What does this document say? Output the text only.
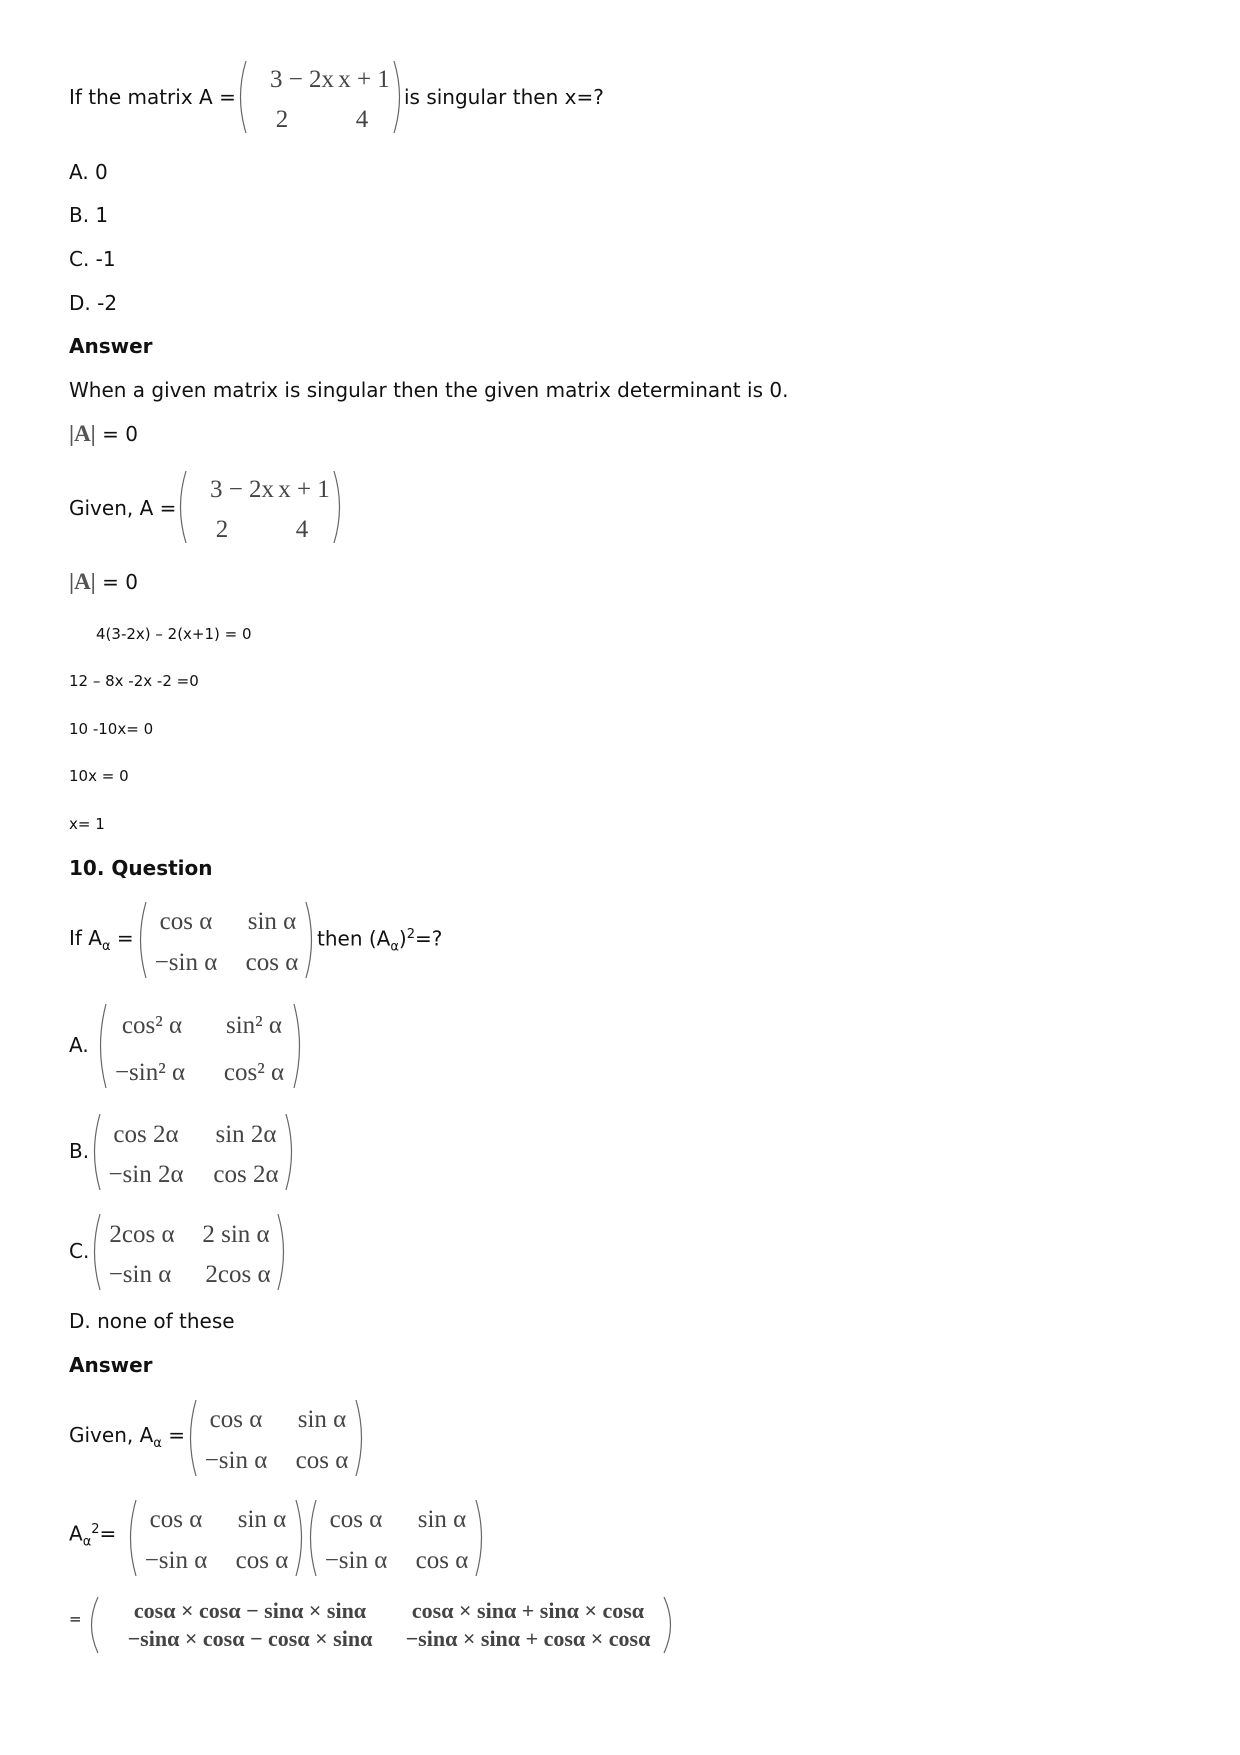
If the matrix A =
3 − 2x x + 1
2	4
is singular then x=?
A. 0
B. 1
C. -1
D. -2
Answer
When a given matrix is singular then the given matrix determinant is 0.
|A| = 0
Given, A =
3 − 2x x + 1
2	4
|A| = 0
4(3-2x) – 2(x+1) = 0
12 – 8x -2x -2 =0
10 -10x= 0
10x = 0
x= 1
10. Question
If $A_\alpha$ =
cos α sin α
−sin α cos α
then $(A_\alpha)^2=$?
A.
cos² α sin² α
−sin² α cos² α
B.
cos 2α sin 2α
−sin 2α cos 2α
C.
2cos α 2 sin α
−sin α 2cos α
D. none of these
Answer
Given, $A_\alpha$ =
cos α sin α
−sin α cos α
$A_\alpha^2=$
cos α sin α
−sin α cos α
cos α sin α
−sin α cos α
= cosα × cosα − sinα × sinα cosα × sinα + sinα × cosα
−sinα × cosα − cosα × sinα −sinα × sinα + cosα × cosα
